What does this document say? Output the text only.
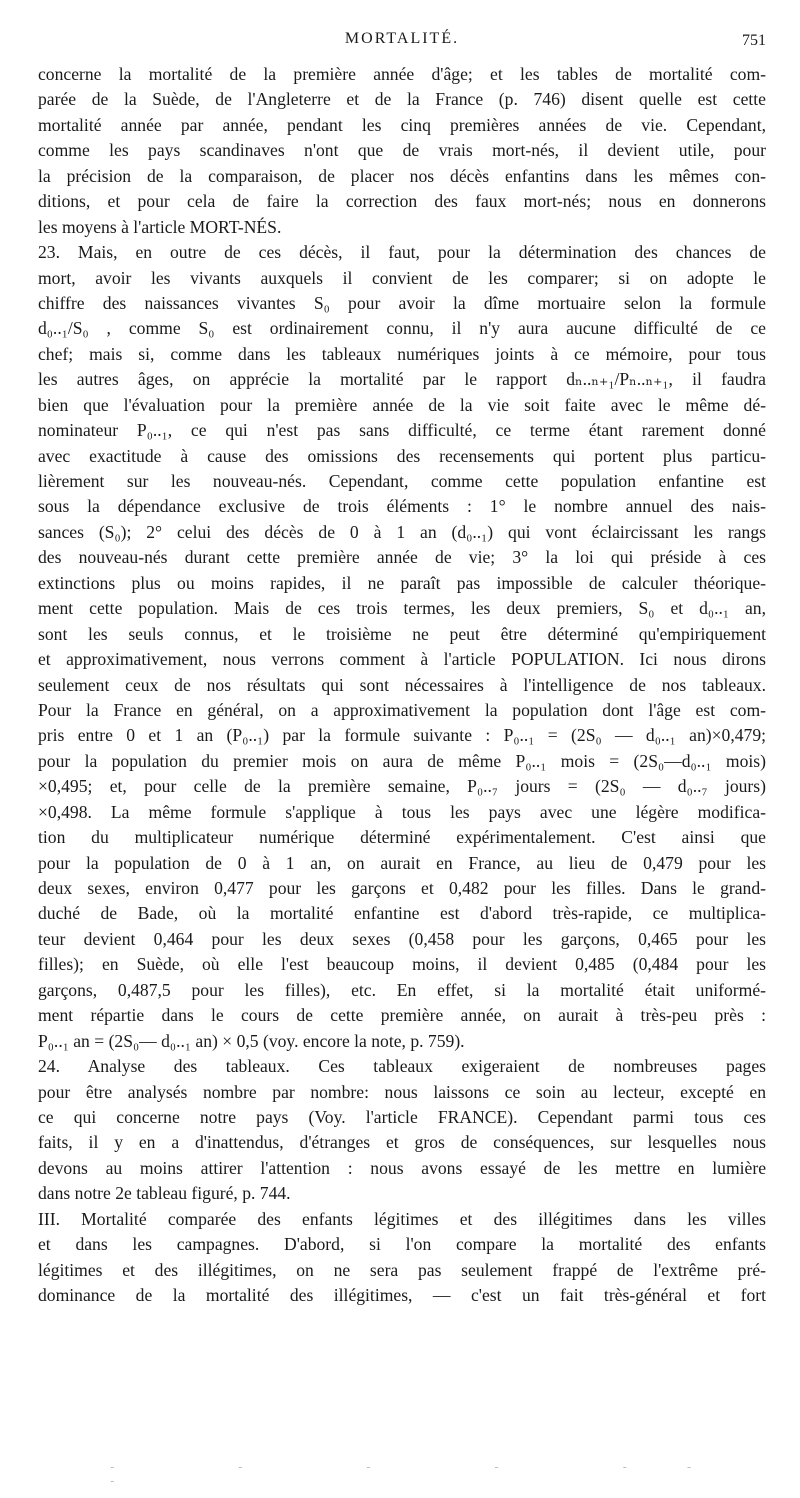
MORTALITÉ.	751
concerne la mortalité de la première année d'âge; et les tables de mortalité com-
parée de la Suède, de l'Angleterre et de la France (p. 746) disent quelle est cette
mortalité année par année, pendant les cinq premières années de vie. Cependant,
comme les pays scandinaves n'ont que de vrais mort-nés, il devient utile, pour
la précision de la comparaison, de placer nos décès enfantins dans les mêmes con-
ditions, et pour cela de faire la correction des faux mort-nés; nous en donnerons
les moyens à l'article MORT-NÉS.
23. Mais, en outre de ces décès, il faut, pour la détermination des chances de
mort, avoir les vivants auxquels il convient de les comparer; si on adopte le
chiffre des naissances vivantes S₀ pour avoir la dîme mortuaire selon la formule
d₀..₁/S₀ , comme S₀ est ordinairement connu, il n'y aura aucune difficulté de ce
chef; mais si, comme dans les tableaux numériques joints à ce mémoire, pour tous
les autres âges, on apprécie la mortalité par le rapport dₙ..ₙ₊₁/Pₙ..ₙ₊₁, il faudra
bien que l'évaluation pour la première année de la vie soit faite avec le même dé-
nominateur P₀..₁, ce qui n'est pas sans difficulté, ce terme étant rarement donné
avec exactitude à cause des omissions des recensements qui portent plus particu-
lièrement sur les nouveau-nés. Cependant, comme cette population enfantine est
sous la dépendance exclusive de trois éléments : 1° le nombre annuel des nais-
sances (S₀); 2° celui des décès de 0 à 1 an (d₀..₁) qui vont éclaircissant les rangs
des nouveau-nés durant cette première année de vie; 3° la loi qui préside à ces
extinctions plus ou moins rapides, il ne paraît pas impossible de calculer théorique-
ment cette population. Mais de ces trois termes, les deux premiers, S₀ et d₀..₁ an,
sont les seuls connus, et le troisième ne peut être déterminé qu'empiriquement
et approximativement, nous verrons comment à l'article POPULATION. Ici nous dirons
seulement ceux de nos résultats qui sont nécessaires à l'intelligence de nos tableaux.
Pour la France en général, on a approximativement la population dont l'âge est com-
pris entre 0 et 1 an (P₀..₁) par la formule suivante : P₀..₁ = (2S₀ — d₀..₁ an)×0,479;
pour la population du premier mois on aura de même P₀..₁ mois = (2S₀—d₀..₁ mois)
×0,495; et, pour celle de la première semaine, P₀..₇ jours = (2S₀ — d₀..₇ jours)
×0,498. La même formule s'applique à tous les pays avec une légère modifica-
tion du multiplicateur numérique déterminé expérimentalement. C'est ainsi que
pour la population de 0 à 1 an, on aurait en France, au lieu de 0,479 pour les
deux sexes, environ 0,477 pour les garçons et 0,482 pour les filles. Dans le grand-
duché de Bade, où la mortalité enfantine est d'abord très-rapide, ce multiplica-
teur devient 0,464 pour les deux sexes (0,458 pour les garçons, 0,465 pour les
filles); en Suède, où elle l'est beaucoup moins, il devient 0,485 (0,484 pour les
garçons, 0,487,5 pour les filles), etc. En effet, si la mortalité était uniformé-
ment répartie dans le cours de cette première année, on aurait à très-peu près :
P₀..₁ an = (2S₀— d₀..₁ an) × 0,5 (voy. encore la note, p. 759).
24. Analyse des tableaux. Ces tableaux exigeraient de nombreuses pages
pour être analysés nombre par nombre: nous laissons ce soin au lecteur, excepté en
ce qui concerne notre pays (Voy. l'article FRANCE). Cependant parmi tous ces
faits, il y en a d'inattendus, d'étranges et gros de conséquences, sur lesquelles nous
devons au moins attirer l'attention : nous avons essayé de les mettre en lumière
dans notre 2e tableau figuré, p. 744.
III. Mortalité comparée des enfants légitimes et des illégitimes dans les villes
et dans les campagnes. D'abord, si l'on compare la mortalité des enfants
légitimes et des illégitimes, on ne sera pas seulement frappé de l'extrême pré-
dominance de la mortalité des illégitimes, — c'est un fait très-général et fort
- - - - -- -
